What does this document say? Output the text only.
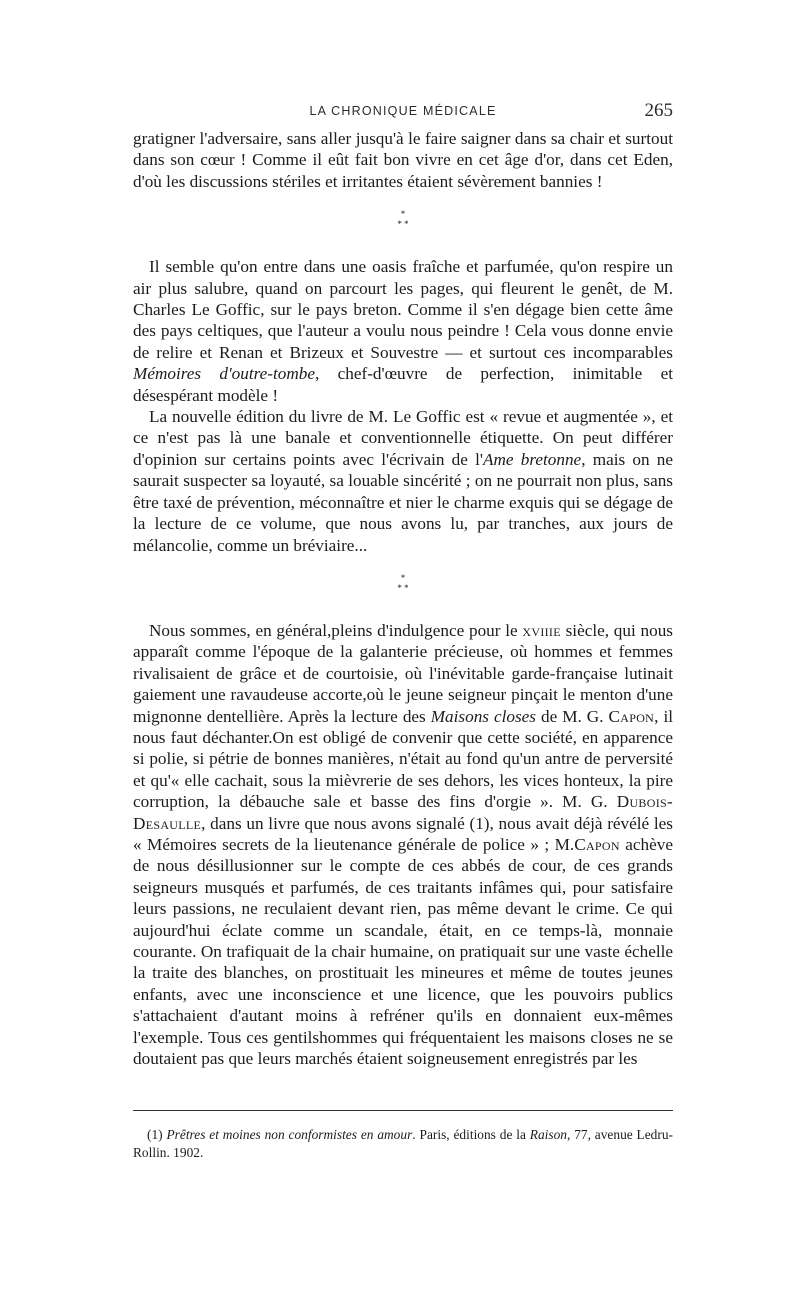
LA CHRONIQUE MÉDICALE	265

gratigner l'adversaire, sans aller jusqu'à le faire saigner dans sa chair et surtout dans son cœur ! Comme il eût fait bon vivre en cet âge d'or, dans cet Eden, d'où les discussions stériles et irritantes étaient sévèrement bannies !

*
* *

Il semble qu'on entre dans une oasis fraîche et parfumée, qu'on respire un air plus salubre, quand on parcourt les pages, qui fleurent le genêt, de M. Charles Le Goffic, sur le pays breton. Comme il s'en dégage bien cette âme des pays celtiques, que l'auteur a voulu nous peindre ! Cela vous donne envie de relire et Renan et Brizeux et Souvestre — et surtout ces incomparables Mémoires d'outre-tombe, chef-d'œuvre de perfection, inimitable et désespérant modèle !

La nouvelle édition du livre de M. Le Goffic est « revue et augmentée », et ce n'est pas là une banale et conventionnelle étiquette. On peut différer d'opinion sur certains points avec l'écrivain de l'Ame bretonne, mais on ne saurait suspecter sa loyauté, sa louable sincérité ; on ne pourrait non plus, sans être taxé de prévention, méconnaître et nier le charme exquis qui se dégage de la lecture de ce volume, que nous avons lu, par tranches, aux jours de mélancolie, comme un bréviaire...

*
* *

Nous sommes, en général,pleins d'indulgence pour le xviiie siècle, qui nous apparaît comme l'époque de la galanterie précieuse, où hommes et femmes rivalisaient de grâce et de courtoisie, où l'inévitable garde-française lutinait gaiement une ravaudeuse accorte,où le jeune seigneur pinçait le menton d'une mignonne dentellière. Après la lecture des Maisons closes de M. G. Capon, il nous faut déchanter.On est obligé de convenir que cette société, en apparence si polie, si pétrie de bonnes manières, n'était au fond qu'un antre de perversité et qu'« elle cachait, sous la mièvrerie de ses dehors, les vices honteux, la pire corruption, la débauche sale et basse des fins d'orgie ». M. G. Dubois-Desaulle, dans un livre que nous avons signalé (1), nous avait déjà révélé les « Mémoires secrets de la lieutenance générale de police » ; M.Capon achève de nous désillusionner sur le compte de ces abbés de cour, de ces grands seigneurs musqués et parfumés, de ces traitants infâmes qui, pour satisfaire leurs passions, ne reculaient devant rien, pas même devant le crime. Ce qui aujourd'hui éclate comme un scandale, était, en ce temps-là, monnaie courante. On trafiquait de la chair humaine, on pratiquait sur une vaste échelle la traite des blanches, on prostituait les mineures et même de toutes jeunes enfants, avec une inconscience et une licence, que les pouvoirs publics s'attachaient d'autant moins à refréner qu'ils en donnaient eux-mêmes l'exemple. Tous ces gentilshommes qui fréquentaient les maisons closes ne se doutaient pas que leurs marchés étaient soigneusement enregistrés par les

(1) Prêtres et moines non conformistes en amour. Paris, éditions de la Raison, 77, avenue Ledru-Rollin. 1902.
